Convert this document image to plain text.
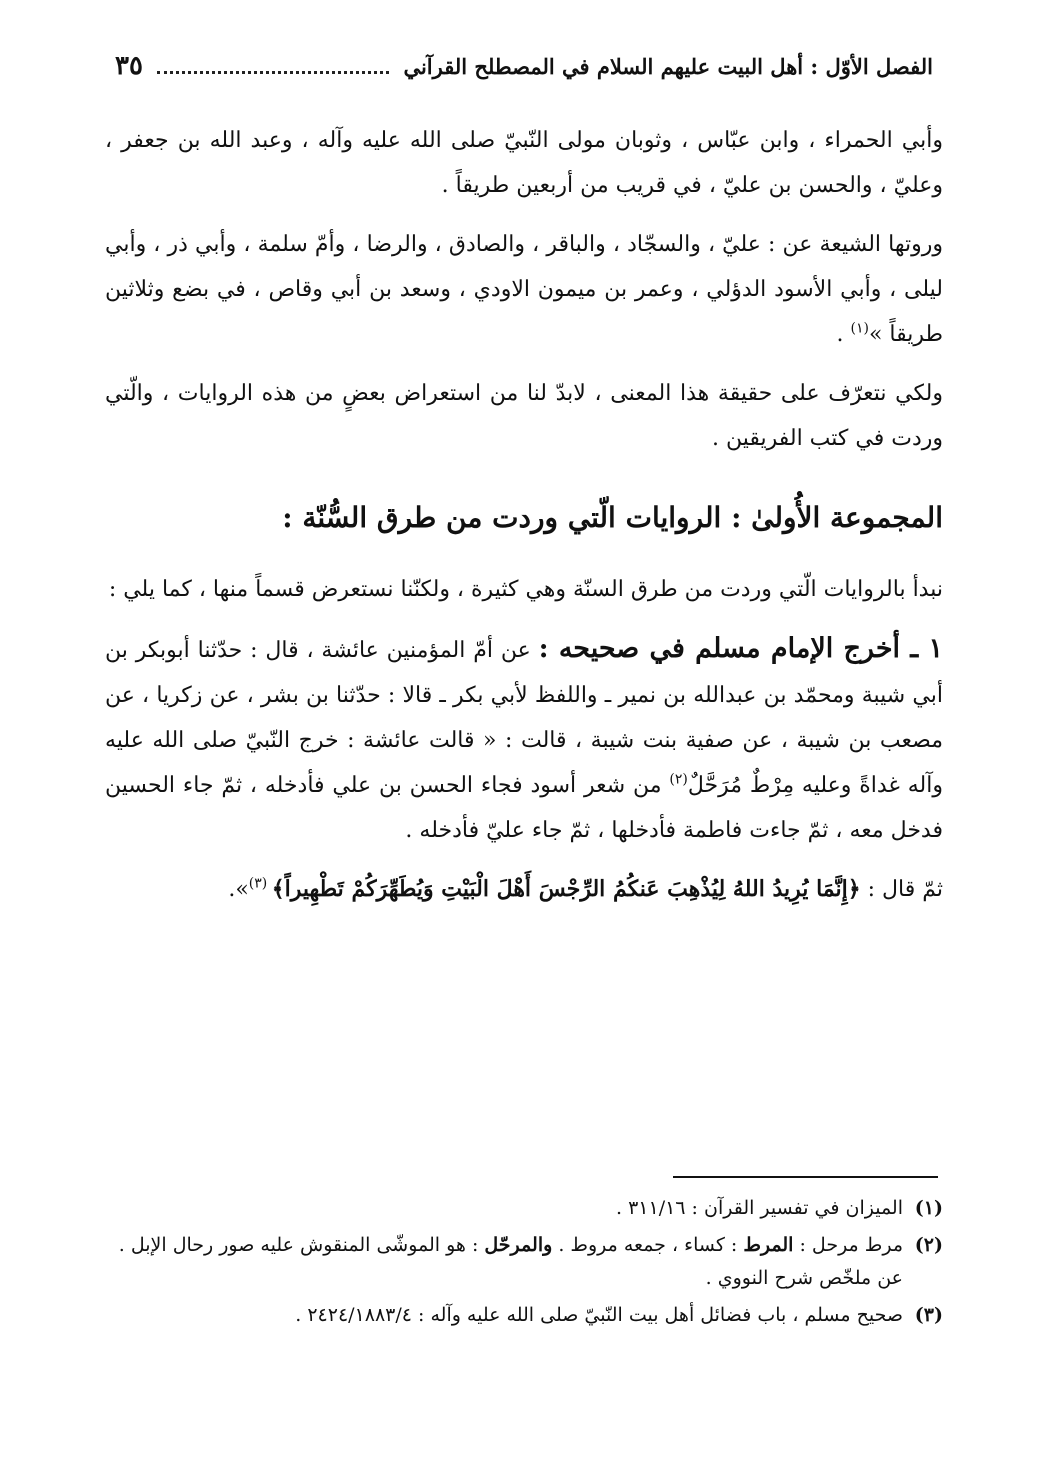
الفصل الأوّل : أهل البيت عليهم السلام في المصطلح القرآني
٣٥

وأبي الحمراء ، وابن عبّاس ، وثوبان مولى النّبيّ صلى الله عليه وآله ، وعبد الله بن جعفر ، وعليّ ، والحسن بن عليّ ، في قريب من أربعين طريقاً .

وروتها الشيعة عن : عليّ ، والسجّاد ، والباقر ، والصادق ، والرضا ، وأمّ سلمة ، وأبي ذر ، وأبي ليلى ، وأبي الأسود الدؤلي ، وعمر بن ميمون الاودي ، وسعد بن أبي وقاص ، في بضع وثلاثين طريقاً »$^{(١)}$ .

ولكي نتعرّف على حقيقة هذا المعنى ، لابدّ لنا من استعراض بعضٍ من هذه الروايات ، والّتي وردت في كتب الفريقين .

المجموعة الأُولىٰ : الروايات الّتي وردت من طرق السُّنّة :

نبدأ بالروايات الّتي وردت من طرق السنّة وهي كثيرة ، ولكنّنا نستعرض قسماً منها ، كما يلي :

١ ـ أخرج الإمام مسلم في صحيحه : عن أمّ المؤمنين عائشة ، قال : حدّثنا أبوبكر بن أبي شيبة ومحمّد بن عبدالله بن نمير ـ واللفظ لأبي بكر ـ قالا : حدّثنا بن بشر ، عن زكريا ، عن مصعب بن شيبة ، عن صفية بنت شيبة ، قالت : « قالت عائشة : خرج النّبيّ صلى الله عليه وآله غداةً وعليه مِرْطٌ مُرَحَّلٌ$^{(٢)}$ من شعر أسود فجاء الحسن بن علي فأدخله ، ثمّ جاء الحسين فدخل معه ، ثمّ جاءت فاطمة فأدخلها ، ثمّ جاء عليّ فأدخله .

ثمّ قال : ﴿إِنَّمَا يُرِيدُ اللهُ لِيُذْهِبَ عَنكُمُ الرِّجْسَ أَهْلَ الْبَيْتِ وَيُطَهِّرَكُمْ تَطْهِيراً﴾ $^{(٣)}$».

(١)
الميزان في تفسير القرآن : ٣١١/١٦ .
(٢)
مرط مرحل : المرط : كساء ، جمعه مروط . والمرحّل : هو الموشّى المنقوش عليه صور رحال الإبل . عن ملخّص شرح النووي .
(٣)
صحيح مسلم ، باب فضائل أهل بيت النّبيّ صلى الله عليه وآله : ٢٤٢٤/١٨٨٣/٤ .
